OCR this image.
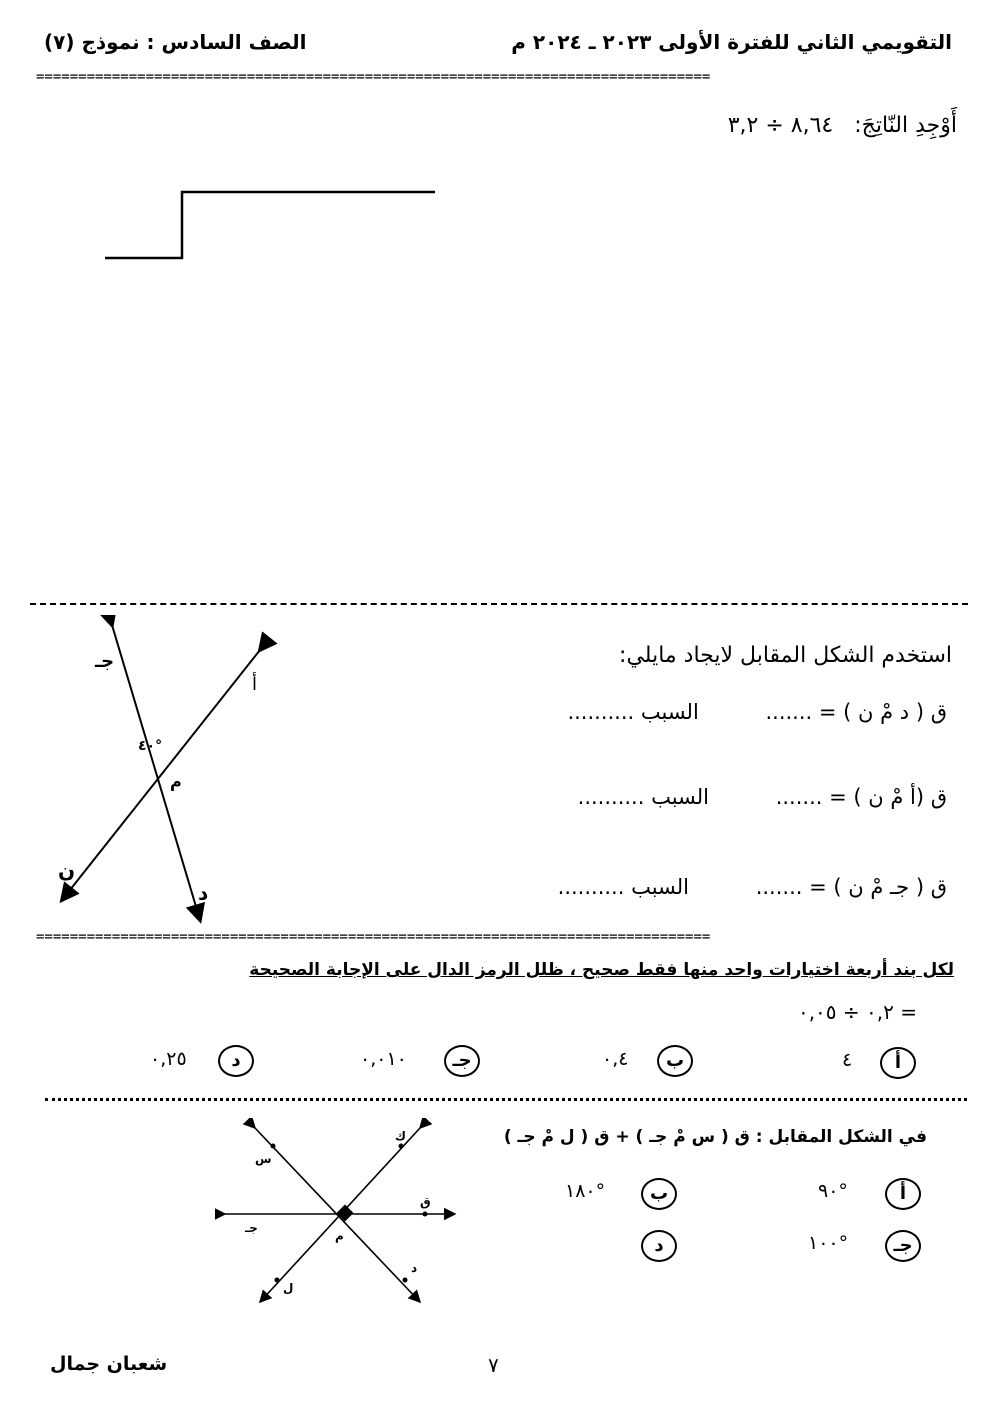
التقويمي الثاني للفترة الأولى ٢٠٢٣ ـ ٢٠٢٤ م
الصف السادس : نموذج (٧)
================================================================================
أَوْجِدِ النّاتِجَ: ٨,٦٤ ÷ ٣,٢
استخدم الشكل المقابل لايجاد مايلي:
ق ( د مْ ن ) = ....... السبب ..........
ق (أ مْ ن ) = ....... السبب ..........
ق ( جـ مْ ن ) = ....... السبب ..........
جـ
أ
٤٠°
م
ن
د
================================================================================
لكل بند أربعة اختيارات واحد منها فقط صحيح ، ظلل الرمز الدال على الإجابة الصحيحة
٠,٢ ÷ ٠,٠٥ =
أ
٤
ب
٠,٤
جـ
٠,٠١٠
د
٠,٢٥
في الشكل المقابل : ق ( س مْ جـ ) + ق ( ل مْ جـ )
أ
٩٠°
ب
١٨٠°
جـ
١٠٠°
د
س
ك
ق
جـ
م
ل
د
٧
شعبان جمال
